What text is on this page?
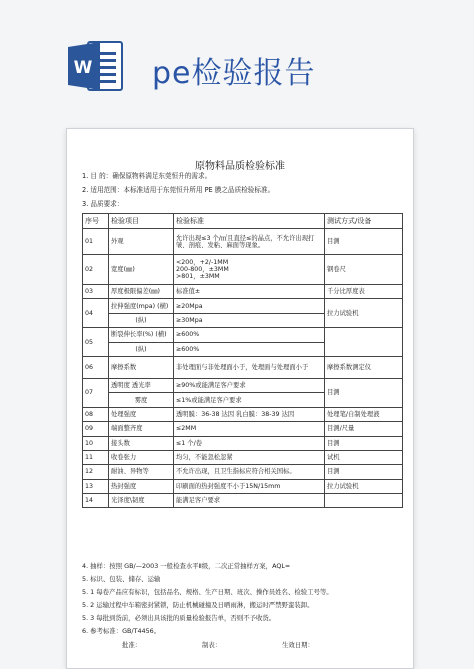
W pe检验报告
原物料品质检验标准
1. 目 的：确保原物料满足东莞恒升的需求。
2. 适用范围：本标准适用于东莞恒升所用 PE 膜之品质检验标准。
3. 品质要求：
序号	检验项目	检验标准	测试方式/设备
01	外观	允许出现≤3 个/㎡且直径≤的晶点，不允许出现打皱、剖痕、发粘、麻面等现象。	目测
02	宽度(㎜)	<200，+2/-1MM
200-800，±3MM
>801，±3MM	钢卷尺
03	厚度极限偏差(㎜)	标准值±	千分比厚度表
04	拉伸强度(mpa) (横)	≥20Mpa	拉力试验机
	(纵)	≥30Mpa	
05	断裂伸长率(%) (横)	≥600%	
	(纵)	≥600%	
06	摩擦系数	非处理面与非处理面小于，处理面与处理面小于	摩擦系数测定仪
07	透明度 透光率	≥90%或能满足客户要求	目测
	雾度	≤1%或能满足客户要求	
08	处理强度	透明膜：36-38 达因 乳白膜：38-39 达因	处理笔/自制处理液
09	端面整齐度	≤2MM	目测/尺量
10	接头数	≤1 个/卷	目测
11	收卷张力	均匀，不能忽松忽紧	试机
12	耐油、异物等	不允许出现，且卫生指标应符合相关国标。	目测
13	热封强度	印刷面的热封强度不小于15N/15mm	拉力试验机
14	光泽度\韧度	能满足客户要求	
4. 抽样：按照 GB/—2003 一般检查水平Ⅱ级，二次正常抽样方案，AQL=
5. 标识、包装、储存、运输
5. 1 每卷产品应有标识，包括品名、规格、生产日期、班次、操作员姓名、检验工号等。
5. 2 运输过程中车箱密封紧锁，防止机械碰撞及日晒雨淋，搬运时严禁野蛮装卸。
5. 3 每批到货前，必须出具该批的质量检验报告单，否则不予收货。
6. 参考标准：GB/T4456。
批准：	制表：	生效日期：
